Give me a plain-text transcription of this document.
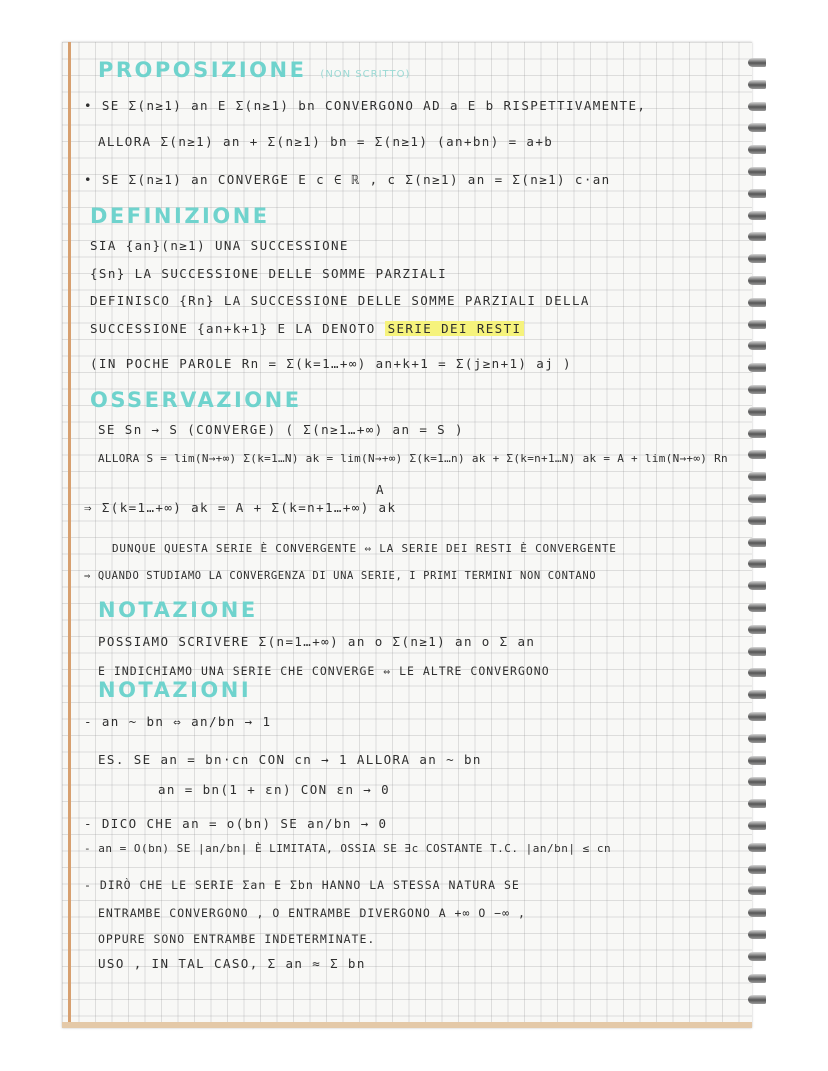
PROPOSIZIONE (NON SCRITTO)
• SE Σ(n≥1) an E Σ(n≥1) bn CONVERGONO AD a E b RISPETTIVAMENTE,
ALLORA Σ(n≥1) an + Σ(n≥1) bn = Σ(n≥1) (an+bn) = a+b
• SE Σ(n≥1) an CONVERGE E c ∈ ℝ , c Σ(n≥1) an = Σ(n≥1) c·an
DEFINIZIONE
SIA {an}(n≥1) UNA SUCCESSIONE
{Sn} LA SUCCESSIONE DELLE SOMME PARZIALI
DEFINISCO {Rn} LA SUCCESSIONE DELLE SOMME PARZIALI DELLA
SUCCESSIONE {an+k+1} E LA DENOTO SERIE DEI RESTI
(IN POCHE PAROLE Rn = Σ(k=1…+∞) an+k+1 = Σ(j≥n+1) aj )
OSSERVAZIONE
SE Sn → S (CONVERGE) ( Σ(n≥1…+∞) an = S )
ALLORA S = lim(N→+∞) Σ(k=1…N) ak = lim(N→+∞) Σ(k=1…n) ak + Σ(k=n+1…N) ak = A + lim(N→+∞) Rn
A
⇒ Σ(k=1…+∞) ak = A + Σ(k=n+1…+∞) ak
DUNQUE QUESTA SERIE È CONVERGENTE ⇔ LA SERIE DEI RESTI È CONVERGENTE
⇒ QUANDO STUDIAMO LA CONVERGENZA DI UNA SERIE, I PRIMI TERMINI NON CONTANO
NOTAZIONE
POSSIAMO SCRIVERE Σ(n=1…+∞) an o Σ(n≥1) an o Σ an
E INDICHIAMO UNA SERIE CHE CONVERGE ⇔ LE ALTRE CONVERGONO
NOTAZIONI
- an ~ bn ⇔ an/bn → 1
ES. SE an = bn·cn CON cn → 1 ALLORA an ~ bn
an = bn(1 + εn) CON εn → 0
- DICO CHE an = o(bn) SE an/bn → 0
- an = O(bn) SE |an/bn| È LIMITATA, OSSIA SE ∃c COSTANTE T.C. |an/bn| ≤ cn
- DIRÒ CHE LE SERIE Σan E Σbn HANNO LA STESSA NATURA SE
ENTRAMBE CONVERGONO , O ENTRAMBE DIVERGONO A +∞ O −∞ ,
OPPURE SONO ENTRAMBE INDETERMINATE.
USO , IN TAL CASO, Σ an ≈ Σ bn
